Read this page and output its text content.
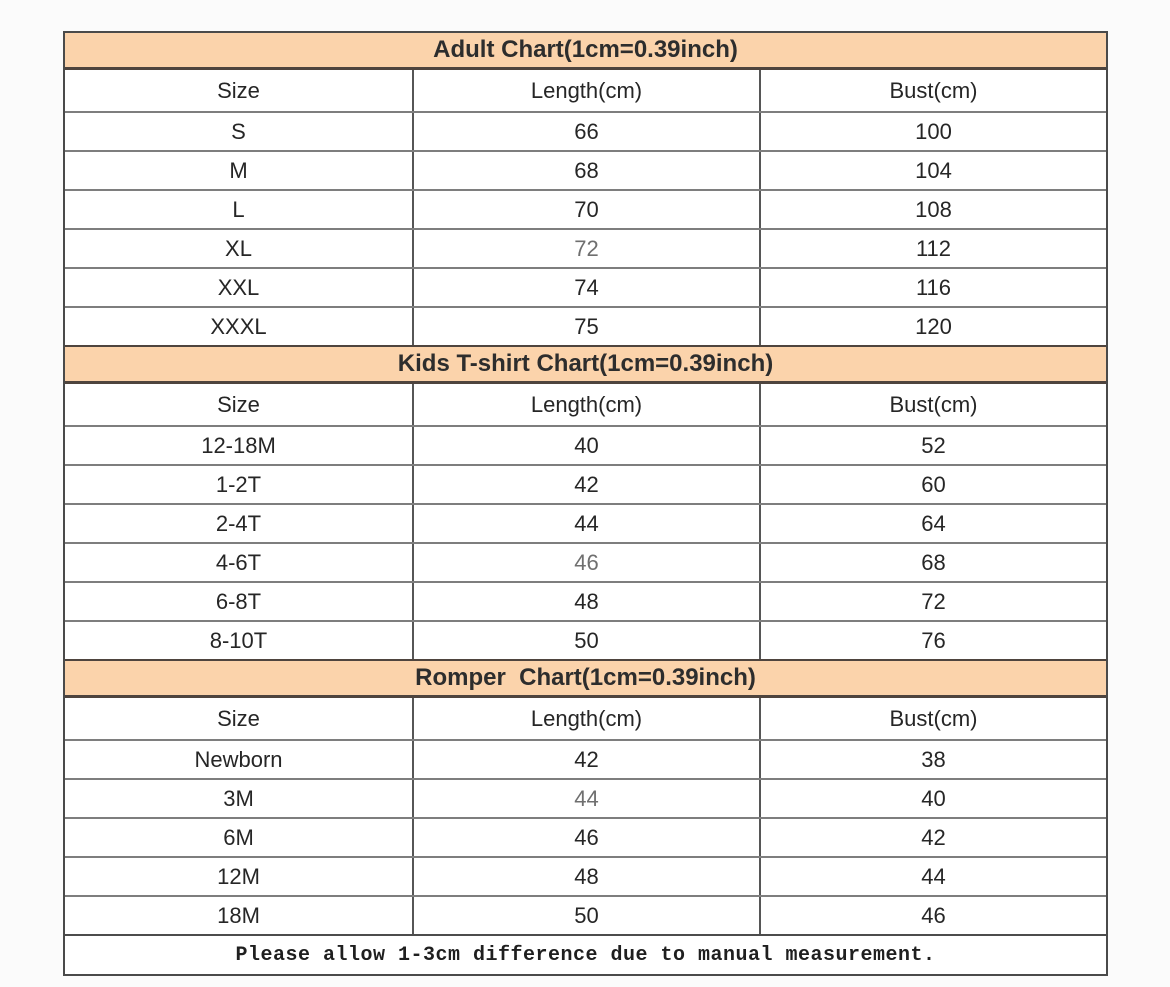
Adult Chart(1cm=0.39inch)
Size	Length(cm)	Bust(cm)
S	66	100
M	68	104
L	70	108
XL	72	112
XXL	74	116
XXXL	75	120
Kids T-shirt Chart(1cm=0.39inch)
Size	Length(cm)	Bust(cm)
12-18M	40	52
1-2T	42	60
2-4T	44	64
4-6T	46	68
6-8T	48	72
8-10T	50	76
Romper  Chart(1cm=0.39inch)
Size	Length(cm)	Bust(cm)
Newborn	42	38
3M	44	40
6M	46	42
12M	48	44
18M	50	46
Please allow 1-3cm difference due to manual measurement.
